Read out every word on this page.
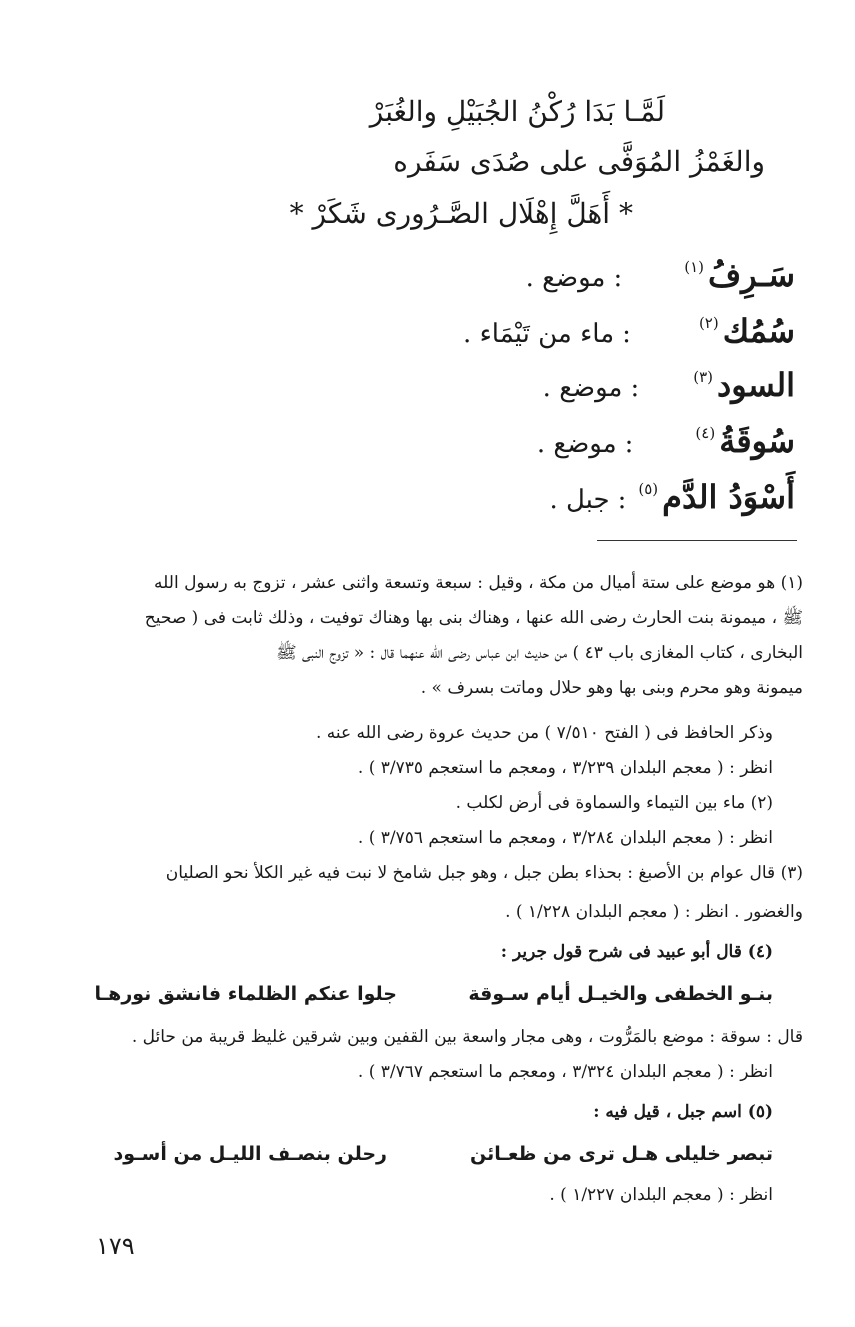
لَمَّـا بَدَا رُكْنُ الجُبَيْلِ والغُبَرْ
والغَمْزُ المُوَفَّى على صُدَى سَفَره
* أَهَلَّ إِهْلَال الصَّـرُورى شَكَرْ *
سَـرِفُ
(١)
:
موضع .
سُمُك
(٢)
:
ماء من تَيْمَاء .
السود
(٣)
:
موضع .
سُوقَةُ
(٤)
:
موضع .
أَسْوَدُ الدَّم
(٥)
:
جبل .
(١) هو موضع على ستة أميال من مكة ، وقيل : سبعة وتسعة واثنى عشر ، تزوج به رسول الله
ﷺ ، ميمونة بنت الحارث رضى الله عنها ، وهناك بنى بها وهناك توفيت ، وذلك ثابت فى ( صحيح
البخارى ، كتاب المغازى باب ٤٣ ) من حديث ابن عباس رضى الله عنهما قال : « تزوج النبى ﷺ
ميمونة وهو محرم وبنى بها وهو حلال وماتت بسرف » .
وذكر الحافظ فى ( الفتح ٧/٥١٠ ) من حديث عروة رضى الله عنه .
انظر : ( معجم البلدان ٣/٢٣٩ ، ومعجم ما استعجم ٣/٧٣٥ ) .
(٢) ماء بين التيماء والسماوة فى أرض لكلب .
انظر : ( معجم البلدان ٣/٢٨٤ ، ومعجم ما استعجم ٣/٧٥٦ ) .
(٣) قال عوام بن الأصبغ : بحذاء بطن جبل ، وهو جبل شامخ لا نبت فيه غير الكلأ نحو الصليان
والغضور . انظر : ( معجم البلدان ١/٢٢٨ ) .
(٤) قال أبو عبيد فى شرح قول جرير :
بنـو الخطفى والخيـل أيام سـوقة
جلوا عنكم الظلماء فانشق نورهـا
قال : سوقة : موضع بالمَرُّوت ، وهى مجار واسعة بين القفين وبين شرقين غليظ قريبة من حائل .
انظر : ( معجم البلدان ٣/٣٢٤ ، ومعجم ما استعجم ٣/٧٦٧ ) .
(٥) اسم جبل ، قيل فيه :
تبصر خليلى هـل ترى من ظعـائن
رحلن بنصـف الليـل من أسـود
انظر : ( معجم البلدان ١/٢٢٧ ) .
١٧٩
